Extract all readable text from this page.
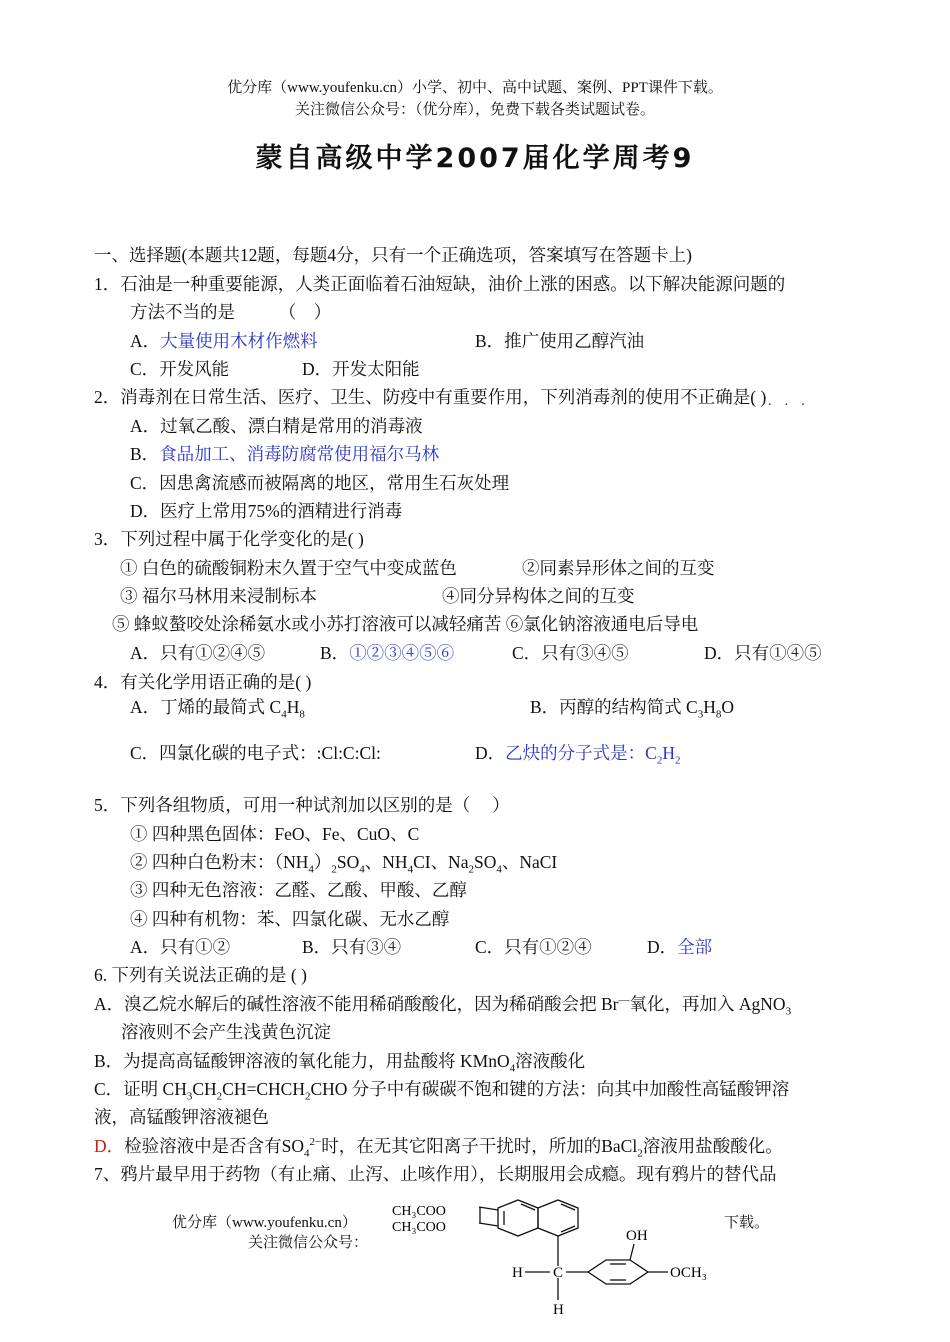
优分库（www.youfenku.cn）小学、初中、高中试题、案例、PPT课件下载。
关注微信公众号：（优分库），免费下载各类试题试卷。
蒙自高级中学2007届化学周考9
一、选择题(本题共12题，每题4分，只有一个正确选项，答案填写在答题卡上)
1．石油是一种重要能源，人类正面临着石油短缺，油价上涨的困惑。以下解决能源问题的
方法不当的是　　　（　）
A．大量使用木材作燃料	B．推广使用乙醇汽油
C．开发风能	D．开发太阳能
2．消毒剂在日常生活、医疗、卫生、防疫中有重要作用，下列消毒剂的使用不正确是( )
·····
A．过氧乙酸、漂白精是常用的消毒液
B．食品加工、消毒防腐常使用福尔马林
C．因患禽流感而被隔离的地区，常用生石灰处理
D．医疗上常用75%的酒精进行消毒
3．下列过程中属于化学变化的是( )
① 白色的硫酸铜粉末久置于空气中变成蓝色	②同素异形体之间的互变
③ 福尔马林用来浸制标本	④同分异构体之间的互变
⑤ 蜂蚁螯咬处涂稀氨水或小苏打溶液可以减轻痛苦 ⑥氯化钠溶液通电后导电
A．只有①②④⑤	B．①②③④⑤⑥	C．只有③④⑤	D．只有①④⑤
4．有关化学用语正确的是( )
A．丁烯的最简式 $C_4H_8$	B．丙醇的结构简式 $C_3H_8O$
C．四氯化碳的电子式：:Cl:C:Cl:	D．乙炔的分子式是：$C_2H_2$
5．下列各组物质，可用一种试剂加以区别的是（　 ）
① 四种黑色固体：FeO、Fe、CuO、C
② 四种白色粉末：$(NH_4)_2SO_4$、$NH_4CI$、$Na_2SO_4$、NaCI
③ 四种无色溶液：乙醛、乙酸、甲酸、乙醇
④ 四种有机物：苯、四氯化碳、无水乙醇
A．只有①②	B．只有③④	C．只有①②④	D．全部
6. 下列有关说法正确的是 ( )
A．溴乙烷水解后的碱性溶液不能用稀硝酸酸化，因为稀硝酸会把 Br—氧化，再加入 AgNO$_3$
溶液则不会产生浅黄色沉淀
B．为提高高锰酸钾溶液的氧化能力，用盐酸将 KMnO$_4$溶液酸化
C．证明 $CH_3CH_2CH=CHCH_2CHO$ 分子中有碳碳不饱和键的方法：向其中加酸性高锰酸钾溶
液，高锰酸钾溶液褪色
D．检验溶液中是否含有$SO_4^{2-}$时，在无其它阳离子干扰时，所加的BaCl$_2$溶液用盐酸酸化。
7、鸦片最早用于药物（有止痛、止泻、止咳作用），长期服用会成瘾。现有鸦片的替代品
优分库（www.youfenku.cn）	下载。
关注微信公众号：
CH₃COO
CH₃COO
OH
OCH₃
H C
H
